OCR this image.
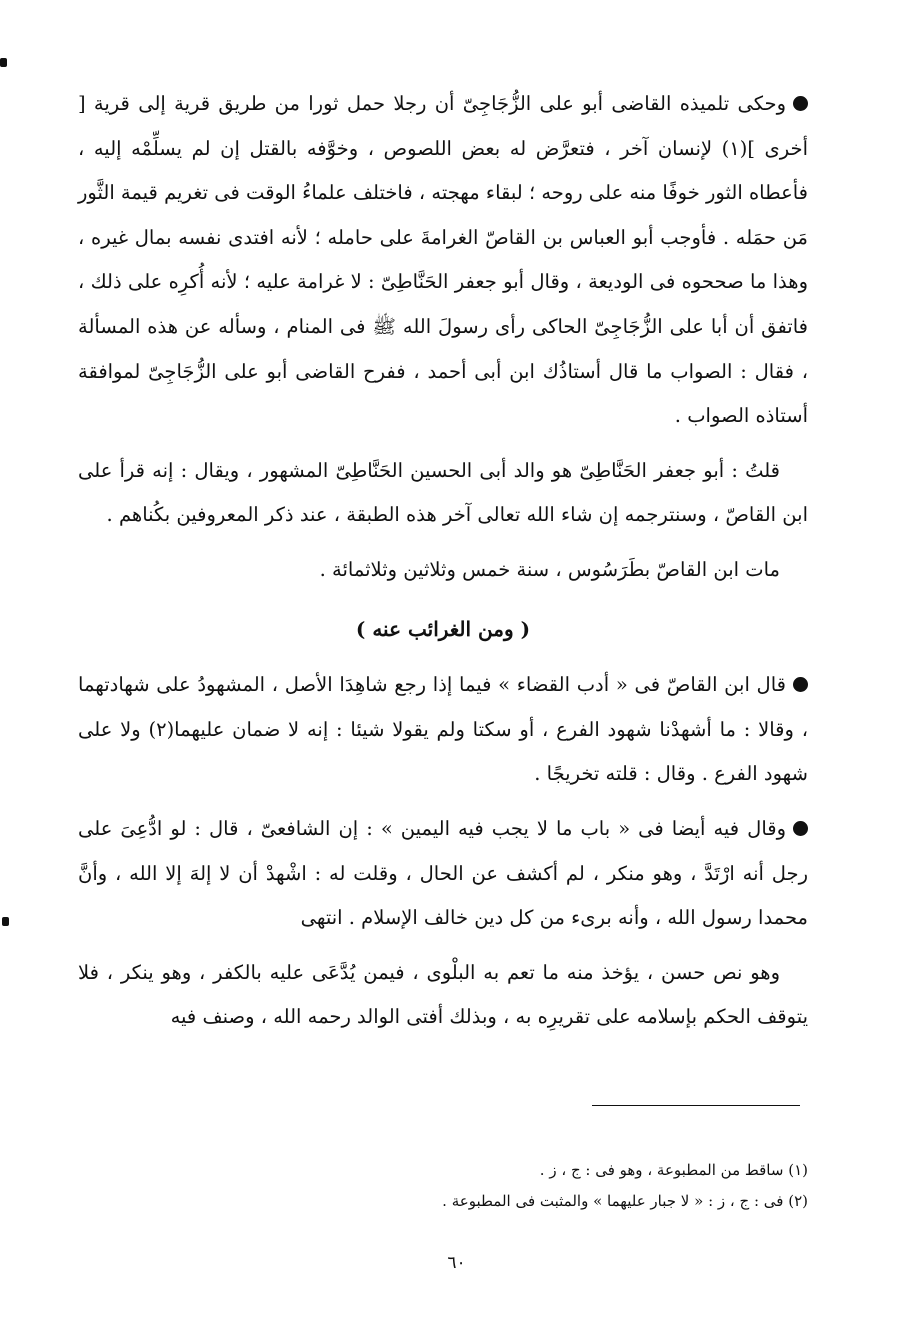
وحكى تلميذه القاضى أبو على الزُّجَاجِىّ أن رجلا حمل ثورا من طريق قرية إلى قرية [ أخرى ](١) لإنسان آخر ، فتعرَّض له بعض اللصوص ، وخوَّفه بالقتل إن لم يسلِّمْه إليه ، فأعطاه الثور خوفًا منه على روحه ؛ لبقاء مهجته ، فاختلف علماءُ الوقت فى تغريم قيمة الثَّور مَن حمَله . فأوجب أبو العباس بن القاصّ الغرامةَ على حامله ؛ لأنه افتدى نفسه بمال غيره ، وهذا ما صححوه فى الوديعة ، وقال أبو جعفر الحَنَّاطِىّ : لا غرامة عليه ؛ لأنه أُكرِه على ذلك ، فاتفق أن أبا على الزُّجَاجِىّ الحاكى رأى رسولَ الله ﷺ فى المنام ، وسأله عن هذه المسألة ، فقال : الصواب ما قال أستاذُك ابن أبى أحمد ، ففرح القاضى أبو على الزُّجَاجِىّ لموافقة أستاذه الصواب .

قلتُ : أبو جعفر الحَنَّاطِىّ هو والد أبى الحسين الحَنَّاطِىّ المشهور ، ويقال : إنه قرأ على ابن القاصّ ، وسنترجمه إن شاء الله تعالى آخر هذه الطبقة ، عند ذكر المعروفين بكُناهم .

مات ابن القاصّ بطَرَسُوس ، سنة خمس وثلاثين وثلاثمائة .

( ومن الغرائب عنه )

قال ابن القاصّ فى « أدب القضاء » فيما إذا رجع شاهِدَا الأصل ، المشهودُ على شهادتهما ، وقالا : ما أشهدْنا شهود الفرع ، أو سكتا ولم يقولا شيئا : إنه لا ضمان عليهما(٢) ولا على شهود الفرع . وقال : قلته تخريجًا .

وقال فيه أيضا فى « باب ما لا يجب فيه اليمين » : إن الشافعىّ ، قال : لو ادُّعِىَ على رجل أنه ارْتَدَّ ، وهو منكر ، لم أكشف عن الحال ، وقلت له : اشْهدْ أن لا إلهَ إلا الله ، وأنَّ محمدا رسول الله ، وأنه برىء من كل دين خالف الإسلام . انتهى

وهو نص حسن ، يؤخذ منه ما تعم به البلْوى ، فيمن يُدَّعَى عليه بالكفر ، وهو ينكر ، فلا يتوقف الحكم بإسلامه على تقريرِه به ، وبذلك أفتى الوالد رحمه الله ، وصنف فيه

(١) ساقط من المطبوعة ، وهو فى : ج ، ز .

(٢) فى : ج ، ز : « لا جبار عليهما » والمثبت فى المطبوعة .

٦٠
